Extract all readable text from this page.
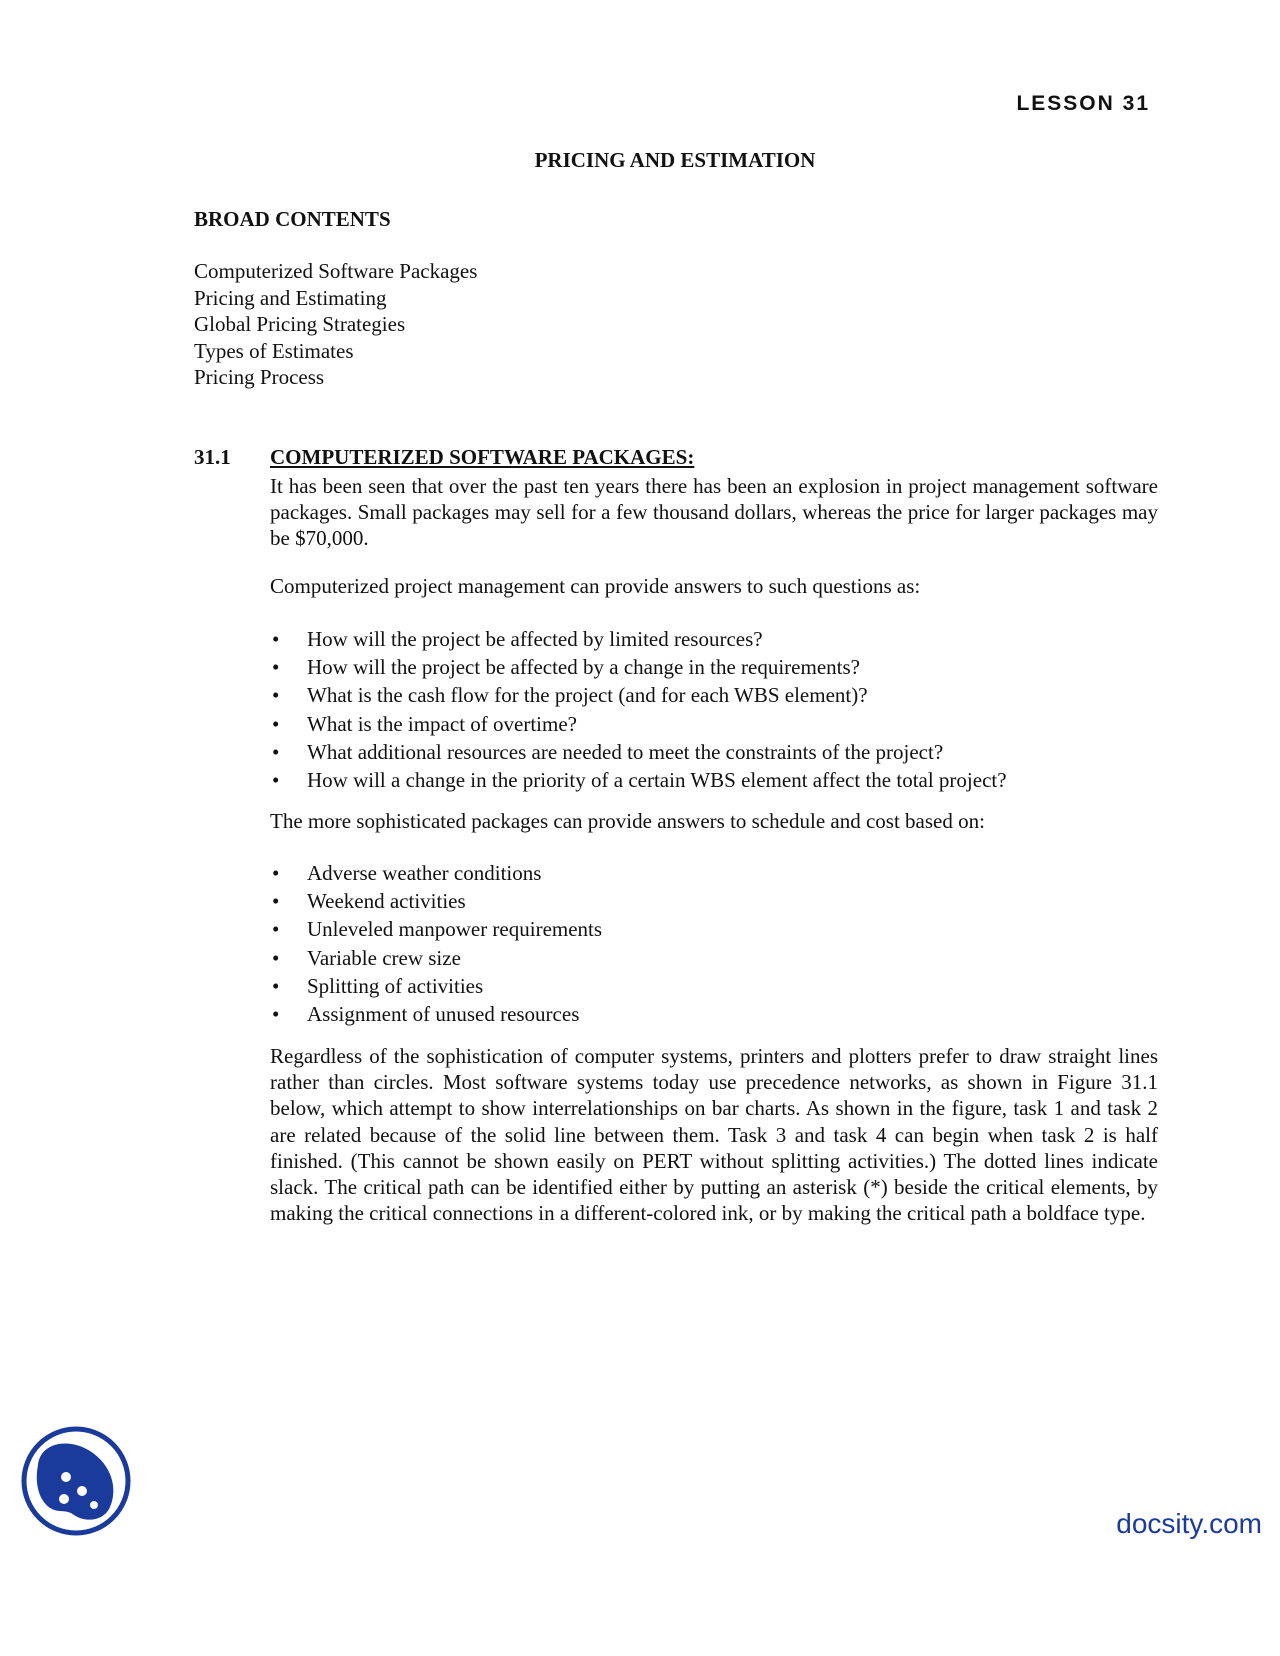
LESSON 31
PRICING AND ESTIMATION
BROAD CONTENTS
Computerized Software Packages
Pricing and Estimating
Global Pricing Strategies
Types of Estimates
Pricing Process
31.1 COMPUTERIZED SOFTWARE PACKAGES:

It has been seen that over the past ten years there has been an explosion in project management software packages. Small packages may sell for a few thousand dollars, whereas the price for larger packages may be $70,000.

Computerized project management can provide answers to such questions as:

• How will the project be affected by limited resources?
• How will the project be affected by a change in the requirements?
• What is the cash flow for the project (and for each WBS element)?
• What is the impact of overtime?
• What additional resources are needed to meet the constraints of the project?
• How will a change in the priority of a certain WBS element affect the total project?

The more sophisticated packages can provide answers to schedule and cost based on:

• Adverse weather conditions
• Weekend activities
• Unleveled manpower requirements
• Variable crew size
• Splitting of activities
• Assignment of unused resources

Regardless of the sophistication of computer systems, printers and plotters prefer to draw straight lines rather than circles. Most software systems today use precedence networks, as shown in Figure 31.1 below, which attempt to show interrelationships on bar charts. As shown in the figure, task 1 and task 2 are related because of the solid line between them. Task 3 and task 4 can begin when task 2 is half finished. (This cannot be shown easily on PERT without splitting activities.) The dotted lines indicate slack. The critical path can be identified either by putting an asterisk (*) beside the critical elements, by making the critical connections in a different-colored ink, or by making the critical path a boldface type.

docsity.com
